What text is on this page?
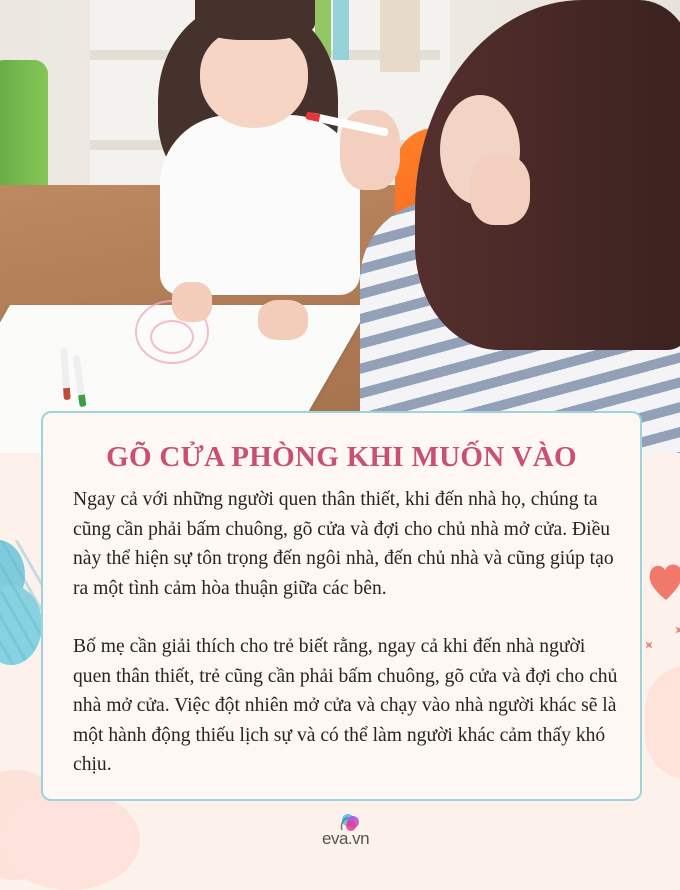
GÕ CỬA PHÒNG KHI MUỐN VÀO

Ngay cả với những người quen thân thiết, khi đến nhà họ, chúng ta cũng cần phải bấm chuông, gõ cửa và đợi cho chủ nhà mở cửa. Điều này thể hiện sự tôn trọng đến ngôi nhà, đến chủ nhà và cũng giúp tạo ra một tình cảm hòa thuận giữa các bên.

Bố mẹ cần giải thích cho trẻ biết rằng, ngay cả khi đến nhà người quen thân thiết, trẻ cũng cần phải bấm chuông, gõ cửa và đợi cho chủ nhà mở cửa. Việc đột nhiên mở cửa và chạy vào nhà người khác sẽ là một hành động thiếu lịch sự và có thể làm người khác cảm thấy khó chịu.

eva.vn
